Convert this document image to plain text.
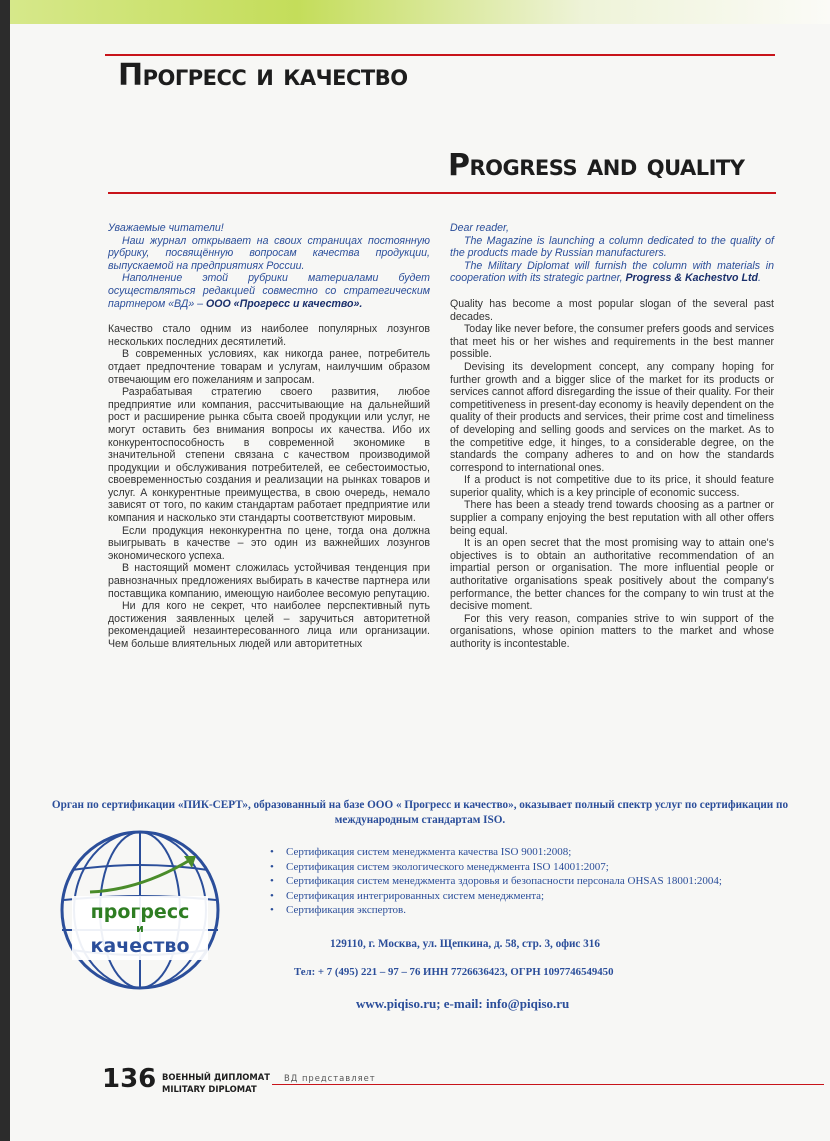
Прогресс и качество
Progress and quality

Уважаемые читатели!

Наш журнал открывает на своих страницах постоянную рубрику, посвящённую вопросам качества продукции, выпускаемой на предприятиях России.

Наполнение этой рубрики материалами будет осуществляться редакцией совместно со стратегическим партнером «ВД» – ООО «Прогресс и качество».

Качество стало одним из наиболее популярных лозунгов нескольких последних десятилетий.

В современных условиях, как никогда ранее, потребитель отдает предпочтение товарам и услугам, наилучшим образом отвечающим его пожеланиям и запросам.

Разрабатывая стратегию своего развития, любое предприятие или компания, рассчитывающие на дальнейший рост и расширение рынка сбыта своей продукции или услуг, не могут оставить без внимания вопросы их качества. Ибо их конкурентоспособность в современной экономике в значительной степени связана с качеством производимой продукции и обслуживания потребителей, ее себестоимостью, своевременностью создания и реализации на рынках товаров и услуг. А конкурентные преимущества, в свою очередь, немало зависят от того, по каким стандартам работает предприятие или компания и насколько эти стандарты соответствуют мировым.

Если продукция неконкурентна по цене, тогда она должна выигрывать в качестве – это один из важнейших лозунгов экономического успеха.

В настоящий момент сложилась устойчивая тенденция при равнозначных предложениях выбирать в качестве партнера или поставщика компанию, имеющую наиболее весомую репутацию.

Ни для кого не секрет, что наиболее перспективный путь достижения заявленных целей – заручиться авторитетной рекомендацией незаинтересованного лица или организации. Чем больше влиятельных людей или авторитетных

Dear reader,

The Magazine is launching a column dedicated to the quality of the products made by Russian manufacturers.

The Military Diplomat will furnish the column with materials in cooperation with its strategic partner, Progress & Kachestvo Ltd.

Quality has become a most popular slogan of the several past decades.

Today like never before, the consumer prefers goods and services that meet his or her wishes and requirements in the best manner possible.

Devising its development concept, any company hoping for further growth and a bigger slice of the market for its products or services cannot afford disregarding the issue of their quality. For their competitiveness in present-day economy is heavily dependent on the quality of their products and services, their prime cost and timeliness of developing and selling goods and services on the market. As to the competitive edge, it hinges, to a considerable degree, on the standards the company adheres to and on how the standards correspond to international ones.

If a product is not competitive due to its price, it should feature superior quality, which is a key principle of economic success.

There has been a steady trend towards choosing as a partner or supplier a company enjoying the best reputation with all other offers being equal.

It is an open secret that the most promising way to attain one's objectives is to obtain an authoritative recommendation of an impartial person or organisation. The more influential people or authoritative organisations speak positively about the company's performance, the better chances for the company to win trust at the decisive moment.

For this very reason, companies strive to win support of the organisations, whose opinion matters to the market and whose authority is incontestable.

Орган по сертификации «ПИК-СЕРТ», образованный на базе ООО « Прогресс и качество», оказывает полный спектр услуг по сертификации по международным стандартам ISO.
прогресс
и
качество
• Сертификация систем менеджмента качества ISO 9001:2008;
• Сертификация систем экологического менеджмента ISO 14001:2007;
• Сертификация систем менеджмента здоровья и безопасности персонала OHSAS 18001:2004;
• Сертификация интегрированных систем менеджмента;
• Сертификация экспертов.
129110, г. Москва, ул. Щепкина, д. 58, стр. 3, офис 316
Тел: + 7 (495) 221 – 97 – 76 ИНН 7726636423, ОГРН 1097746549450
www.piqiso.ru; e-mail: info@piqiso.ru
136 ВОЕННЫЙ ДИПЛОМАТ
MILITARY DIPLOMAT
ВД представляет
